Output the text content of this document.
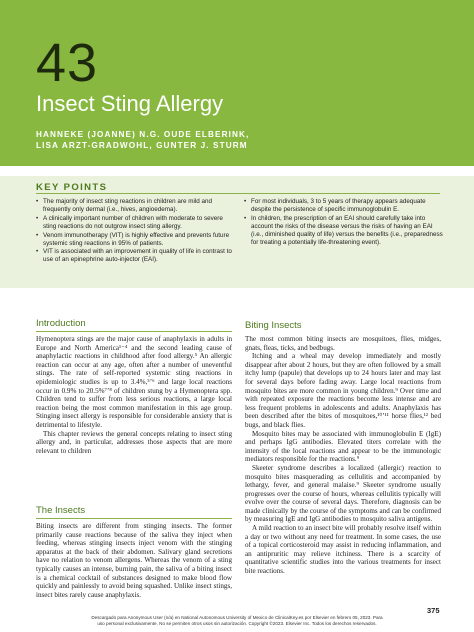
43
Insect Sting Allergy
HANNEKE (JOANNE) N.G. OUDE ELBERINK,
LISA ARZT-GRADWOHL, GUNTER J. STURM
KEY POINTS
• The majority of insect sting reactions in children are mild and frequently only dermal (i.e., hives, angioedema).
• A clinically important number of children with moderate to severe sting reactions do not outgrow insect sting allergy.
• Venom immunotherapy (VIT) is highly effective and prevents future systemic sting reactions in 95% of patients.
• VIT is associated with an improvement in quality of life in contrast to use of an epinephrine auto-injector (EAI).
• For most individuals, 3 to 5 years of therapy appears adequate despite the persistence of specific immunoglobulin E.
• In children, the prescription of an EAI should carefully take into account the risks of the disease versus the risks of having an EAI (i.e., diminished quality of life) versus the benefits (i.e., preparedness for treating a potentially life-threatening event).
Introduction

Hymenoptera stings are the major cause of anaphylaxis in adults in Europe and North America¹⁻⁴ and the second leading cause of anaphylactic reactions in childhood after food allergy.⁵ An allergic reaction can occur at any age, often after a number of uneventful stings. The rate of self-reported systemic sting reactions in epidemiologic studies is up to 3.4%,⁵ʼ⁶ and large local reactions occur in 0.9% to 20.5%⁷ʼ⁸ of children stung by a Hymenoptera spp. Children tend to suffer from less serious reactions, a large local reaction being the most common manifestation in this age group. Stinging insect allergy is responsible for considerable anxiety that is detrimental to lifestyle.

This chapter reviews the general concepts relating to insect sting allergy and, in particular, addresses those aspects that are more relevant to children

The Insects

Biting insects are different from stinging insects. The former primarily cause reactions because of the saliva they inject when feeding, whereas stinging insects inject venom with the stinging apparatus at the back of their abdomen. Salivary gland secretions have no relation to venom allergens. Whereas the venom of a sting typically causes an intense, burning pain, the saliva of a biting insect is a chemical cocktail of substances designed to make blood flow quickly and painlessly to avoid being squashed. Unlike insect stings, insect bites rarely cause anaphylaxis.

Biting Insects

The most common biting insects are mosquitoes, flies, midges, gnats, fleas, ticks, and bedbugs.

Itching and a wheal may develop immediately and mostly disappear after about 2 hours, but they are often followed by a small itchy lump (papule) that develops up to 24 hours later and may last for several days before fading away. Large local reactions from mosquito bites are more common in young children.⁹ Over time and with repeated exposure the reactions become less intense and are less frequent problems in adolescents and adults. Anaphylaxis has been described after the bites of mosquitoes,¹⁰ʼ¹¹ horse flies,¹² bed bugs, and black flies.

Mosquito bites may be associated with immunoglobulin E (IgE) and perhaps IgG antibodies. Elevated titers correlate with the intensity of the local reactions and appear to be the immunologic mediators responsible for the reactions.⁹

Skeeter syndrome describes a localized (allergic) reaction to mosquito bites masquerading as cellulitis and accompanied by lethargy, fever, and general malaise.⁹ Skeeter syndrome usually progresses over the course of hours, whereas cellulitis typically will evolve over the course of several days. Therefore, diagnosis can be made clinically by the course of the symptoms and can be confirmed by measuring IgE and IgG antibodies to mosquito saliva antigens.

A mild reaction to an insect bite will probably resolve itself within a day or two without any need for treatment. In some cases, the use of a topical corticosteroid may assist in reducing inflammation, and an antipruritic may relieve itchiness. There is a scarcity of quantitative scientific studies into the various treatments for insect bite reactions.

375
Descargado para Anonymous User (n/a) en National Autonomous University of Mexico de ClinicalKey.es por Elsevier en febrero 05, 2023. Para
uso personal exclusivamente. No se permiten otros usos sin autorización. Copyright ©2023. Elsevier Inc. Todos los derechos reservados.
